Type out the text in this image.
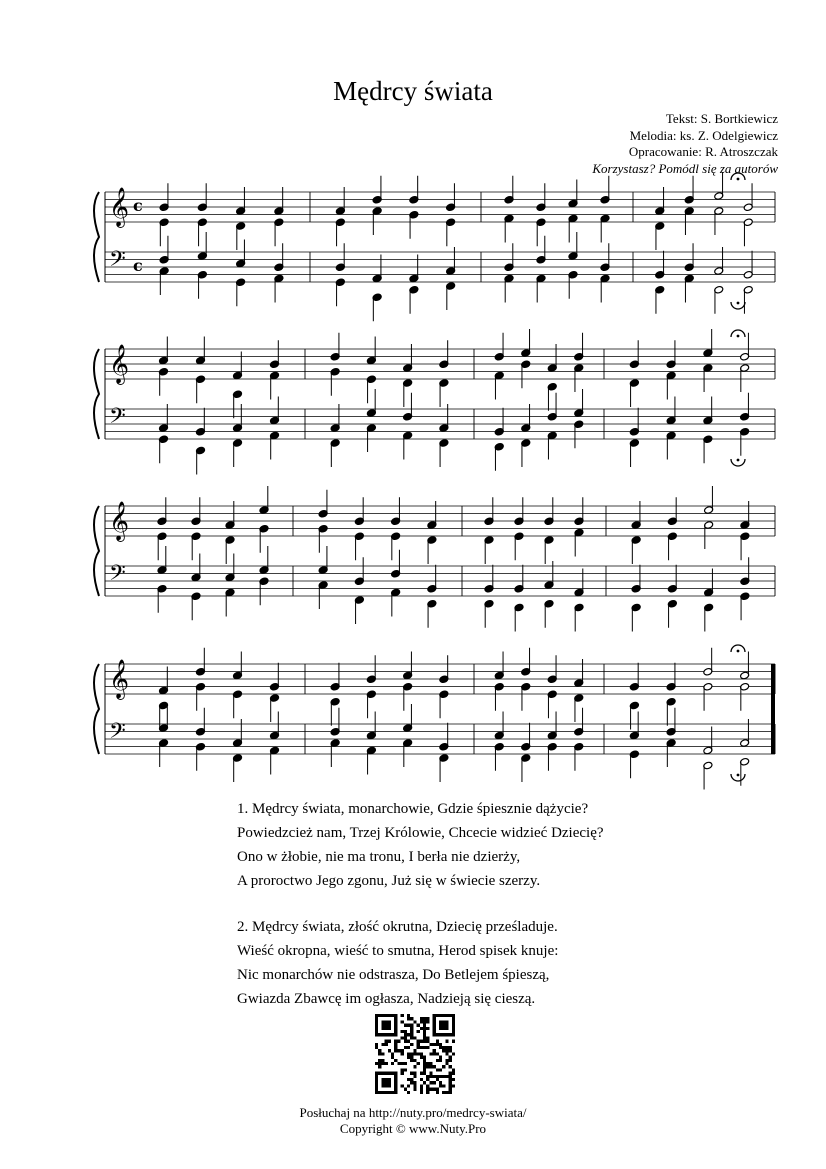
Mędrcy świata
Tekst: S. Bortkiewicz
Melodia: ks. Z. Odelgiewicz
Opracowanie: R. Atroszczak
Korzystasz? Pomódl się za autorów
𝄞 c
𝄢 c
𝄞
𝄢
𝄞
𝄢
𝄞
𝄢
1. Mędrcy świata, monarchowie, Gdzie śpiesznie dążycie?
Powiedzcież nam, Trzej Królowie, Chcecie widzieć Dziecię?
Ono w żłobie, nie ma tronu, I berła nie dzierży,
A proroctwo Jego zgonu, Już się w świecie szerzy.
2. Mędrcy świata, złość okrutna, Dziecię prześladuje.
Wieść okropna, wieść to smutna, Herod spisek knuje:
Nic monarchów nie odstrasza, Do Betlejem śpieszą,
Gwiazda Zbawcę im ogłasza, Nadzieją się cieszą.
Posłuchaj na http://nuty.pro/medrcy-swiata/
Copyright © www.Nuty.Pro
